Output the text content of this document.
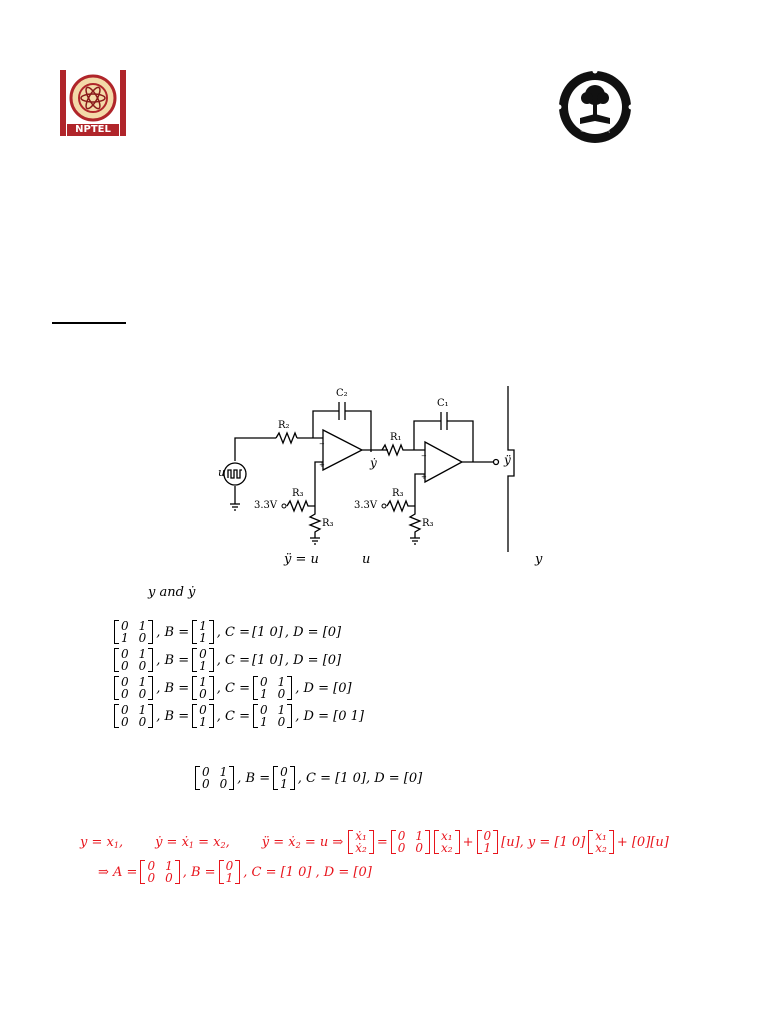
NPTEL	योगः कर्मसु कौशलम्
−
+
−
+
C₂
C₁
R₂
R₁
R₃
R₃
R₃
R₃
u
3.3V	3.3V
ẏ	ÿ
ÿ = u	u	y
y and ẏ
0 1
1 0 , B = 1
1 , C = [1 0] , D = [0]
0 1
0 0 , B = 0
1 , C = [1 0] , D = [0]
0 1
0 0 , B = 1
0 , C = 0 1
1 0 , D = [0]
0 1
0 0 , B = 0
1 , C = 0 1
1 0 , D = [0 1]
0 1
0 0 , B = 0
1 , C = [1 0], D = [0]
$y = x_1$, ẏ = ẋ$_1$ = $x_2$, ÿ = ẋ$_2$ = u ⇒ ẋ₁
ẋ₂ = 0 1
0 0
x₁
x₂ + 0
1 [u], y = [1 0] x₁
x₂ + [0][u]
⇒ A = 0 1
0 0 , B = 0
1 , C = [1 0] , D = [0]
